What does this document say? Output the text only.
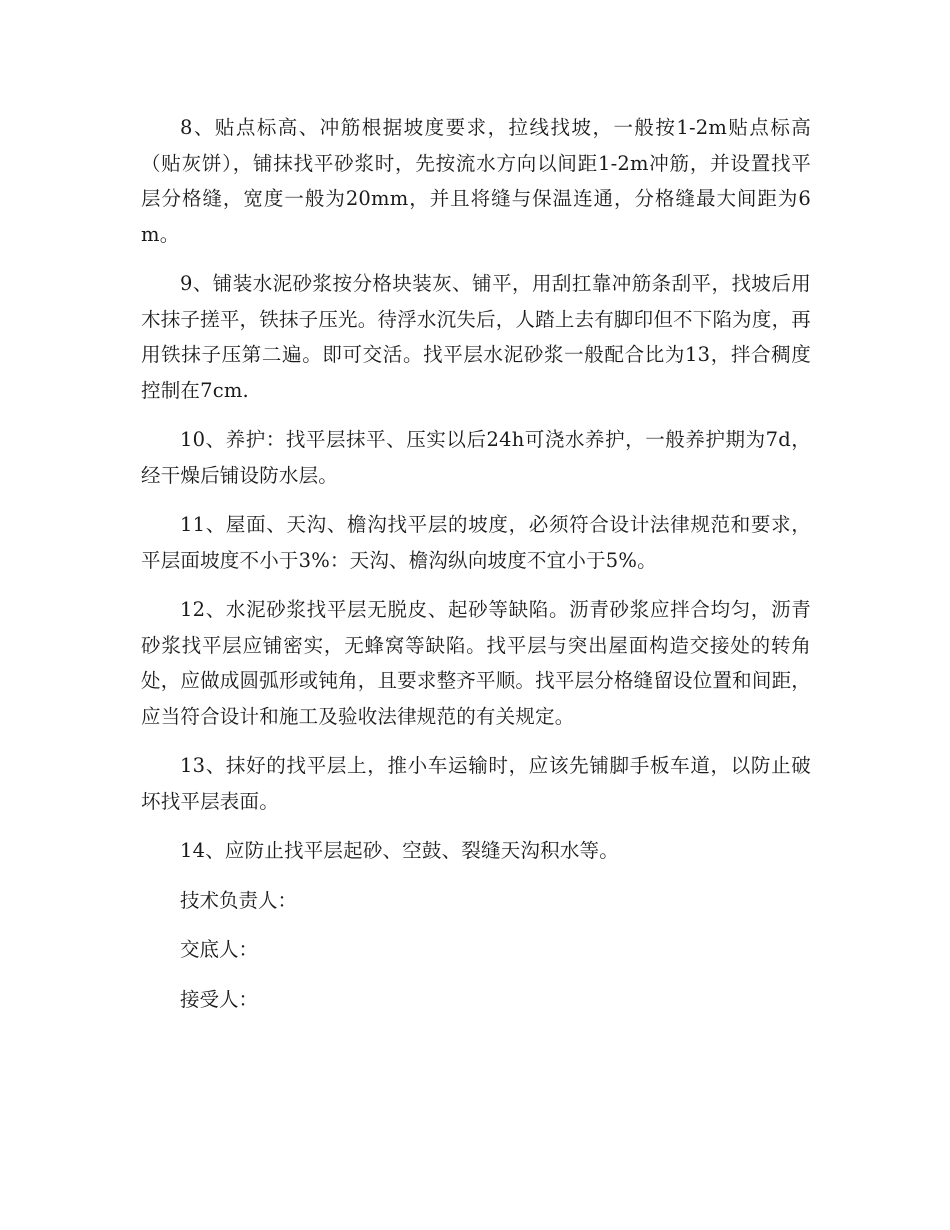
8、贴点标高、冲筋根据坡度要求，拉线找坡，一般按1-2m贴点标高（贴灰饼），铺抹找平砂浆时，先按流水方向以间距1-2m冲筋，并设置找平层分格缝，宽度一般为20mm，并且将缝与保温连通，分格缝最大间距为6m。

9、铺装水泥砂浆按分格块装灰、铺平，用刮扛靠冲筋条刮平，找坡后用木抹子搓平，铁抹子压光。待浮水沉失后，人踏上去有脚印但不下陷为度，再用铁抹子压第二遍。即可交活。找平层水泥砂浆一般配合比为13，拌合稠度控制在7cm.

10、养护：找平层抹平、压实以后24h可浇水养护，一般养护期为7d，经干燥后铺设防水层。

11、屋面、天沟、檐沟找平层的坡度，必须符合设计法律规范和要求，平层面坡度不小于3%：天沟、檐沟纵向坡度不宜小于5%。

12、水泥砂浆找平层无脱皮、起砂等缺陷。沥青砂浆应拌合均匀，沥青砂浆找平层应铺密实，无蜂窝等缺陷。找平层与突出屋面构造交接处的转角处，应做成圆弧形或钝角，且要求整齐平顺。找平层分格缝留设位置和间距，应当符合设计和施工及验收法律规范的有关规定。

13、抹好的找平层上，推小车运输时，应该先铺脚手板车道，以防止破坏找平层表面。

14、应防止找平层起砂、空鼓、裂缝天沟积水等。

技术负责人：

交底人：

接受人：
